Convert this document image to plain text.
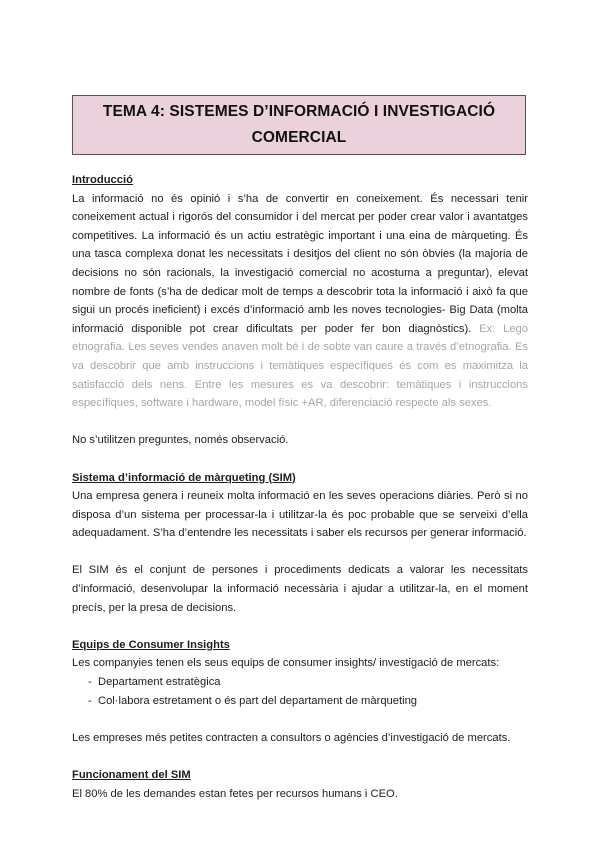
TEMA 4: SISTEMES D’INFORMACIÓ I INVESTIGACIÓ
COMERCIAL

Introducció

La informació no és opinió i s’ha de convertir en coneixement. És necessari tenir coneixement actual i rigorós del consumidor i del mercat per poder crear valor i avantatges competitives. La informació és un actiu estratègic important i una eina de màrqueting. És una tasca complexa donat les necessitats i desitjos del client no són òbvies (la majoria de decisions no són racionals, la investigació comercial no acostuma a preguntar), elevat nombre de fonts (s’ha de dedicar molt de temps a descobrir tota la informació i això fa que sigui un procés ineficient) i excés d’informació amb les noves tecnologies- Big Data (molta informació disponible pot crear dificultats per poder fer bon diagnòstics). Ex: Lego etnografia. Les seves vendes anaven molt bé i de sobte van caure a través d’etnografia. Es va descobrir que amb instruccions i temàtiques específiques és com es maximitza la satisfacció dels nens. Entre les mesures es va descobrir: temàtiques i instruccions específiques, software i hardware, model físic +AR, diferenciació respecte als sexes.

No s’utilitzen preguntes, només observació.

Sistema d’informació de màrqueting (SIM)

Una empresa genera i reuneix molta informació en les seves operacions diàries. Però si no disposa d’un sistema per processar-la i utilitzar-la és poc probable que se serveixi d’ella adequadament. S’ha d’entendre les necessitats i saber els recursos per generar informació.

El SIM és el conjunt de persones i procediments dedicats a valorar les necessitats d’informació, desenvolupar la informació necessària i ajudar a utilitzar-la, en el moment precís, per la presa de decisions.

Equips de Consumer Insights

Les companyies tenen els seus equips de consumer insights/ investigació de mercats:

- Departament estratègica
- Col·labora estretament o és part del departament de màrqueting

Les empreses més petites contracten a consultors o agències d’investigació de mercats.

Funcionament del SIM

El 80% de les demandes estan fetes per recursos humans i CEO.
